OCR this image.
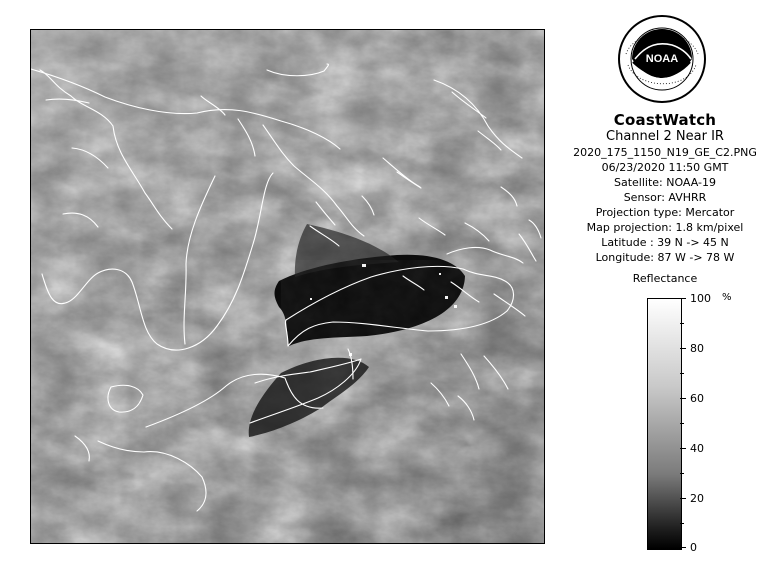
NOAA
CoastWatch
Channel 2 Near IR
2020_175_1150_N19_GE_C2.PNG
06/23/2020 11:50 GMT
Satellite: NOAA-19
Sensor: AVHRR
Projection type: Mercator
Map projection: 1.8 km/pixel
Latitude : 39 N -> 45 N
Longitude: 87 W -> 78 W
Reflectance
%
100
80
60
40
20
0
